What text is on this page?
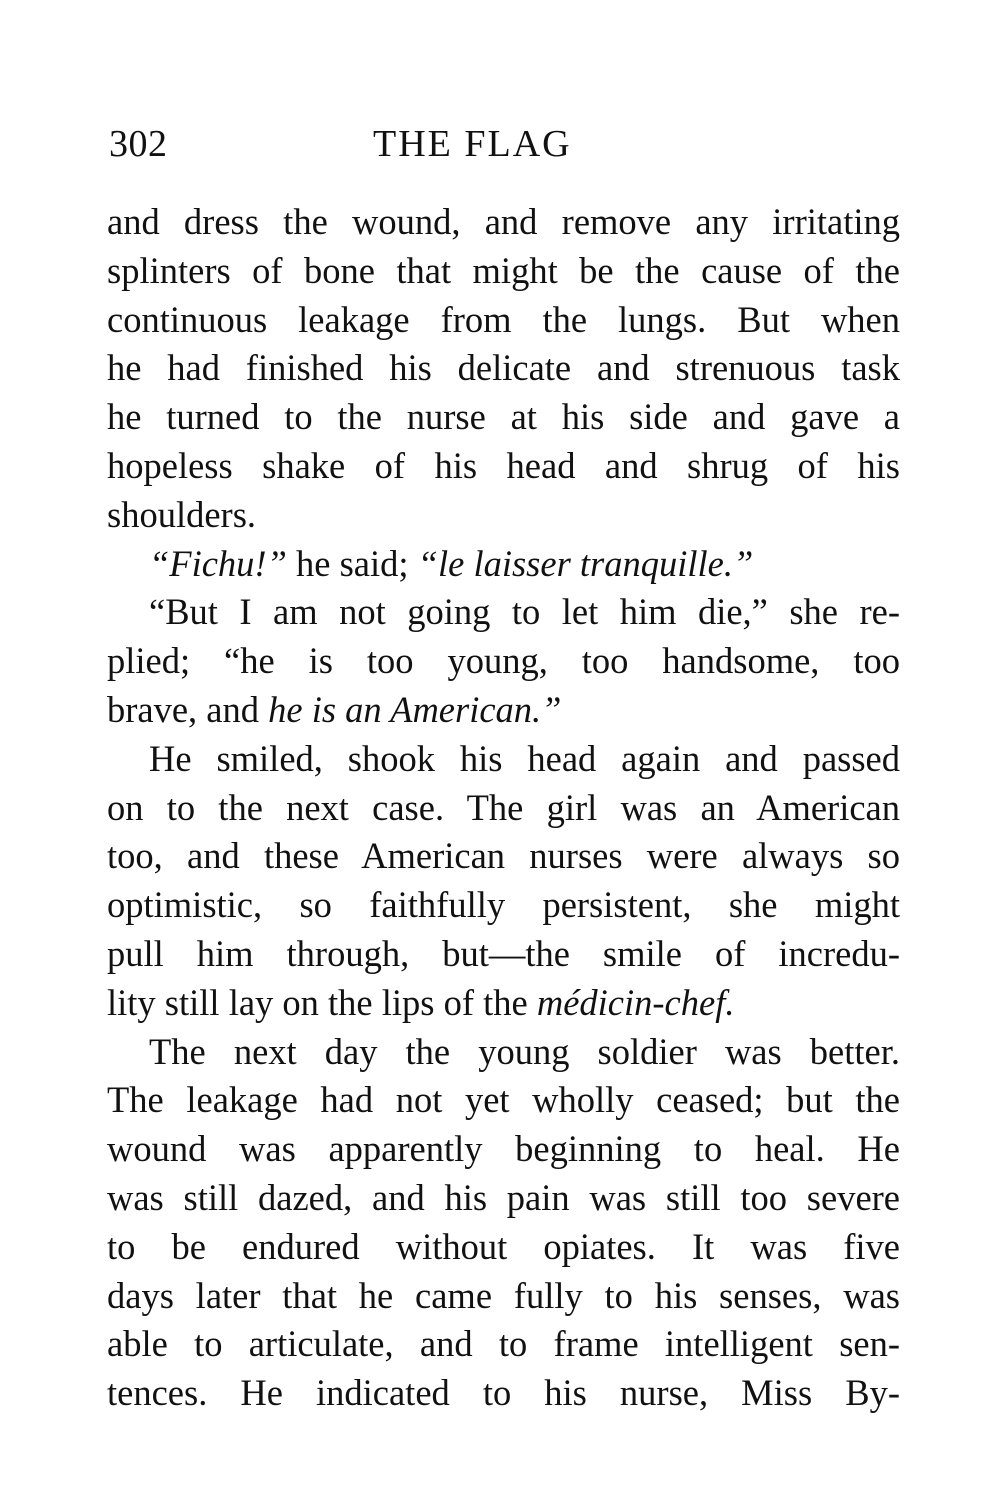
302	THE FLAG
and dress the wound, and remove any irritating
splinters of bone that might be the cause of the
continuous leakage from the lungs. But when
he had finished his delicate and strenuous task
he turned to the nurse at his side and gave a
hopeless shake of his head and shrug of his
shoulders.
“Fichu!” he said; “le laisser tranquille.”
“But I am not going to let him die,” she re-
plied; “he is too young, too handsome, too
brave, and he is an American.”
He smiled, shook his head again and passed
on to the next case. The girl was an American
too, and these American nurses were always so
optimistic, so faithfully persistent, she might
pull him through, but—the smile of incredu-
lity still lay on the lips of the médicin-chef.
The next day the young soldier was better.
The leakage had not yet wholly ceased; but the
wound was apparently beginning to heal. He
was still dazed, and his pain was still too severe
to be endured without opiates. It was five
days later that he came fully to his senses, was
able to articulate, and to frame intelligent sen-
tences. He indicated to his nurse, Miss By-
